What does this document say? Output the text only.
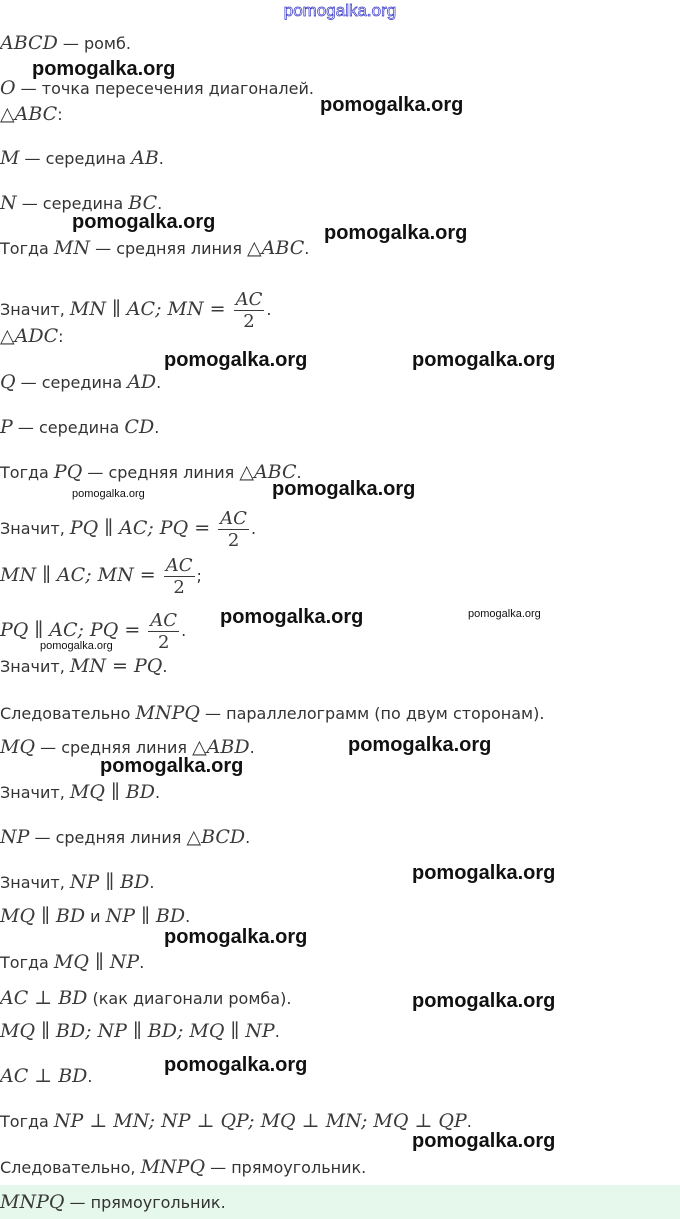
pomogalka.org
ABCD — ромб.
O — точка пересечения диагоналей.
△ABC:
M — середина AB.
N — середина BC.
Тогда MN — средняя линия △ABC.
Значит, MN ∥ AC; MN = $\frac{AC}{2}$ .
△ADC:
Q — середина AD.
P — середина CD.
Тогда PQ — средняя линия △ABC.
Значит, PQ ∥ AC; PQ = $\frac{AC}{2}$ .
MN ∥ AC; MN = $\frac{AC}{2}$ ;
PQ ∥ AC; PQ = $\frac{AC}{2}$ .
Значит, MN = PQ.
Следовательно MNPQ — параллелограмм (по двум сторонам).
MQ — средняя линия △ABD.
Значит, MQ ∥ BD.
NP — средняя линия △BCD.
Значит, NP ∥ BD.
MQ ∥ BD и NP ∥ BD.
Тогда MQ ∥ NP.
AC ⊥ BD (как диагонали ромба).
MQ ∥ BD; NP ∥ BD; MQ ∥ NP.
AC ⊥ BD.
Тогда NP ⊥ MN; NP ⊥ QP; MQ ⊥ MN; MQ ⊥ QP.
Следовательно, MNPQ — прямоугольник.
MNPQ — прямоугольник.
pomogalka.org
pomogalka.org
pomogalka.org	pomogalka.org
pomogalka.org	pomogalka.org
pomogalka.org	pomogalka.org
pomogalka.org	pomogalka.org
pomogalka.org
pomogalka.org
pomogalka.org
pomogalka.org
pomogalka.org
pomogalka.org
pomogalka.org
pomogalka.org
